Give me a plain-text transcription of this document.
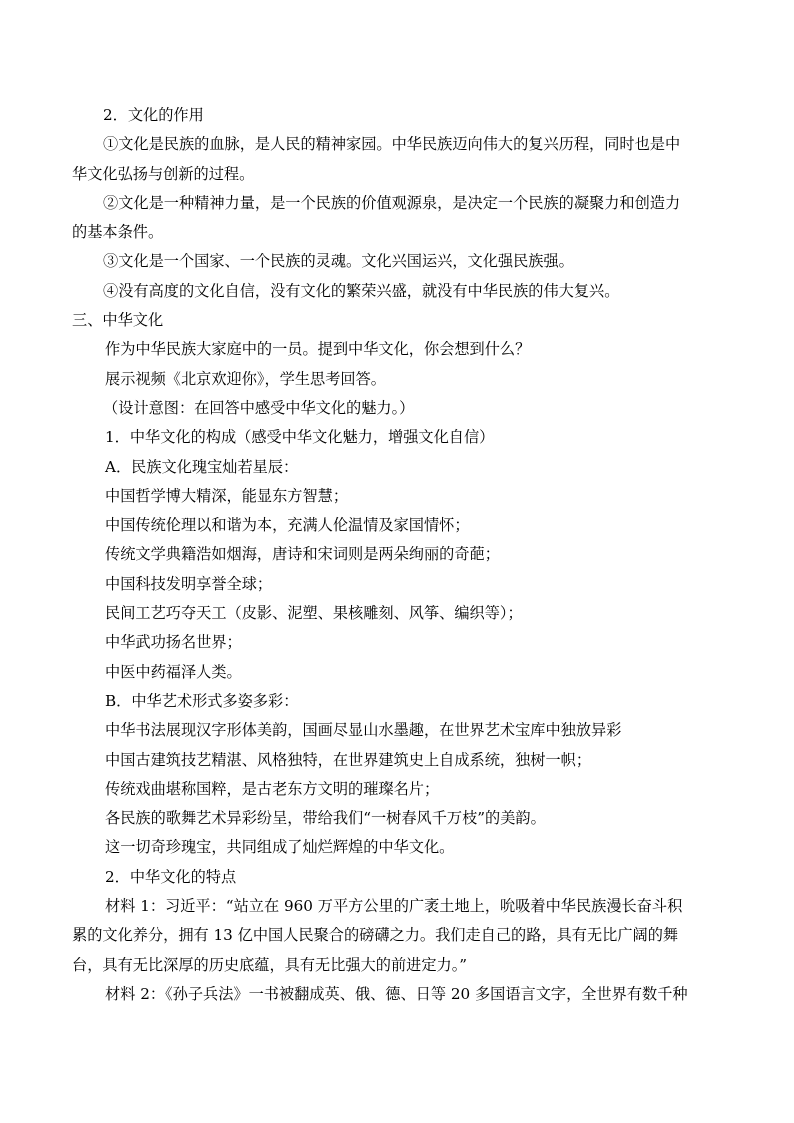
2．文化的作用
①文化是民族的血脉，是人民的精神家园。中华民族迈向伟大的复兴历程，同时也是中
华文化弘扬与创新的过程。
②文化是一种精神力量，是一个民族的价值观源泉，是决定一个民族的凝聚力和创造力
的基本条件。
③文化是一个国家、一个民族的灵魂。文化兴国运兴，文化强民族强。
④没有高度的文化自信，没有文化的繁荣兴盛，就没有中华民族的伟大复兴。
三、中华文化
作为中华民族大家庭中的一员。提到中华文化，你会想到什么？
展示视频《北京欢迎你》，学生思考回答。
（设计意图：在回答中感受中华文化的魅力。）
1．中华文化的构成（感受中华文化魅力，增强文化自信）
A．民族文化瑰宝灿若星辰：
中国哲学博大精深，能显东方智慧；
中国传统伦理以和谐为本，充满人伦温情及家国情怀；
传统文学典籍浩如烟海，唐诗和宋词则是两朵绚丽的奇葩；
中国科技发明享誉全球；
民间工艺巧夺天工（皮影、泥塑、果核雕刻、风筝、编织等）；
中华武功扬名世界；
中医中药福泽人类。
B．中华艺术形式多姿多彩：
中华书法展现汉字形体美韵，国画尽显山水墨趣，在世界艺术宝库中独放异彩
中国古建筑技艺精湛、风格独特，在世界建筑史上自成系统，独树一帜；
传统戏曲堪称国粹，是古老东方文明的璀璨名片；
各民族的歌舞艺术异彩纷呈，带给我们“一树春风千万枝”的美韵。
这一切奇珍瑰宝，共同组成了灿烂辉煌的中华文化。
2．中华文化的特点
材料 1：习近平：“站立在 960 万平方公里的广袤土地上，吮吸着中华民族漫长奋斗积
累的文化养分，拥有 13 亿中国人民聚合的磅礴之力。我们走自己的路，具有无比广阔的舞
台，具有无比深厚的历史底蕴，具有无比强大的前进定力。”
材料 2：《孙子兵法》一书被翻成英、俄、德、日等 20 多国语言文字，全世界有数千种
